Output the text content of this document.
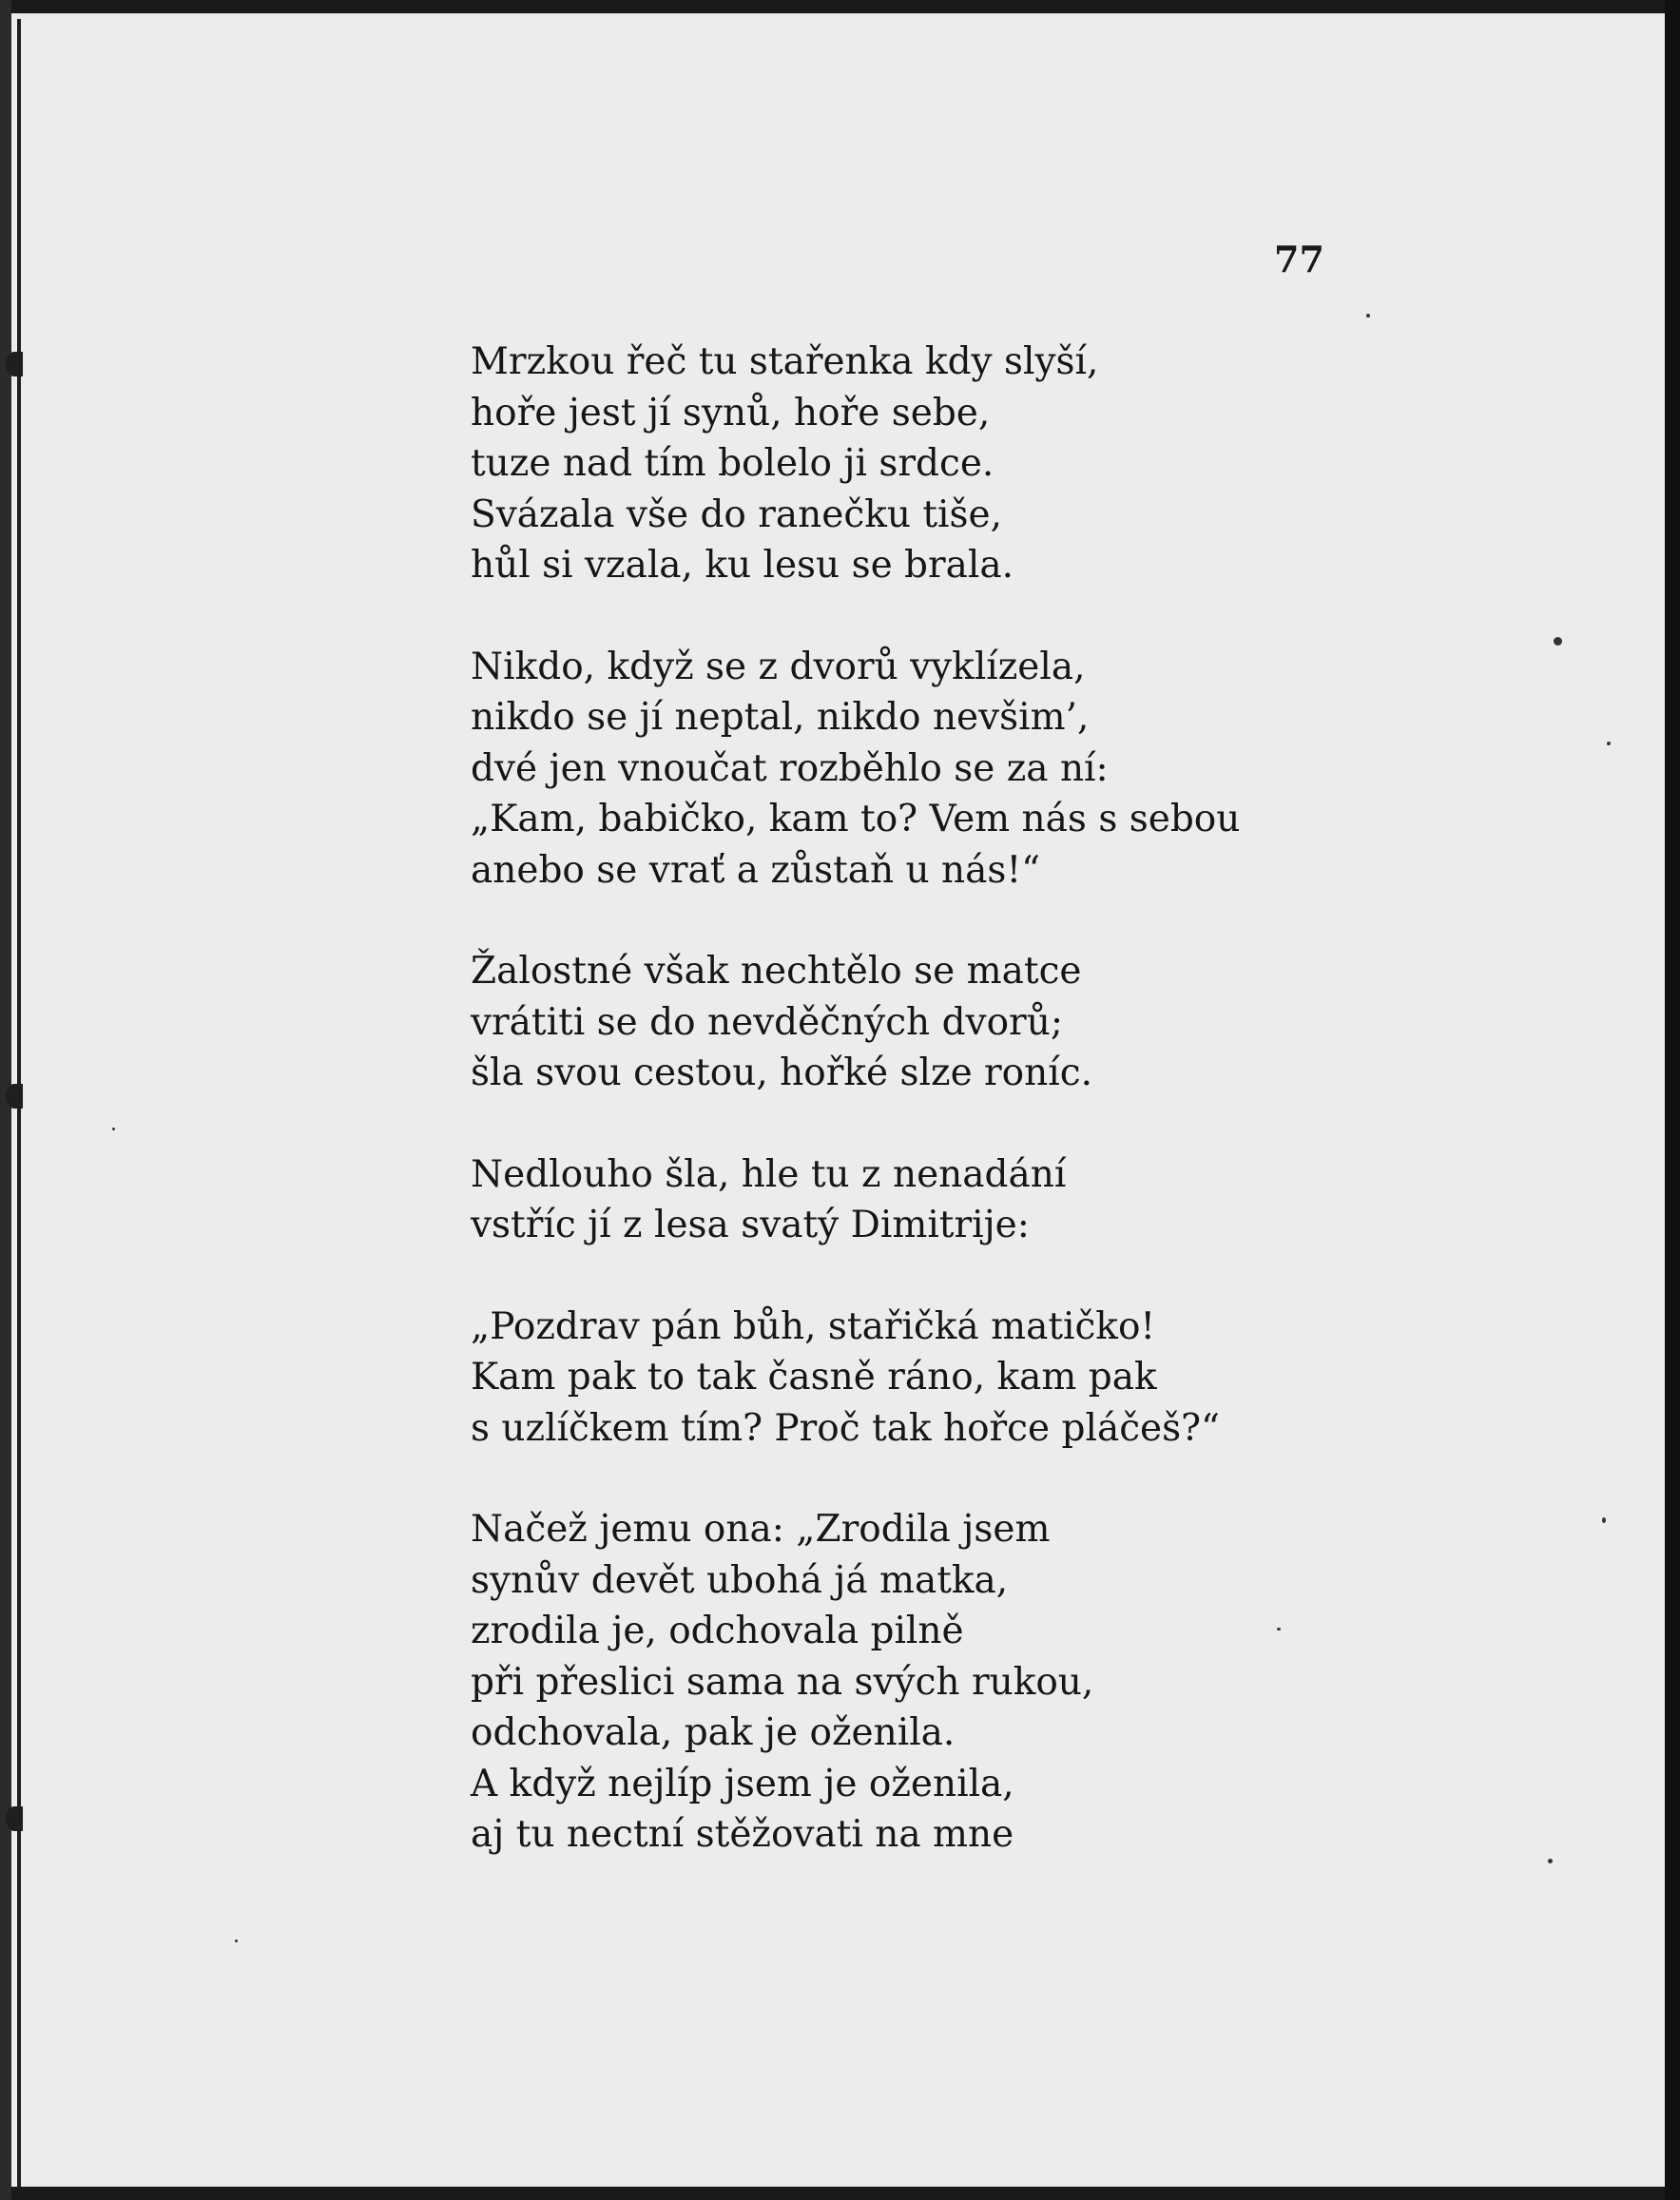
77
Mrzkou řeč tu stařenka kdy slyší,
hoře jest jí synů, hoře sebe,
tuze nad tím bolelo ji srdce.
Svázala vše do ranečku tiše,
hůl si vzala, ku lesu se brala.
Nikdo, když se z dvorů vyklízela,
nikdo se jí neptal, nikdo nevšim’,
dvé jen vnoučat rozběhlo se za ní:
„Kam, babičko, kam to? Vem nás s sebou
anebo se vrať a zůstaň u nás!“
Žalostné však nechtělo se matce
vrátiti se do nevděčných dvorů;
šla svou cestou, hořké slze roníc.
Nedlouho šla, hle tu z nenadání
vstříc jí z lesa svatý Dimitrije:
„Pozdrav pán bůh, stařičká matičko!
Kam pak to tak časně ráno, kam pak
s uzlíčkem tím? Proč tak hořce pláčeš?“
Načež jemu ona: „Zrodila jsem
synův devět ubohá já matka,
zrodila je, odchovala pilně
při přeslici sama na svých rukou,
odchovala, pak je oženila.
A když nejlíp jsem je oženila,
aj tu nectní stěžovati na mne
